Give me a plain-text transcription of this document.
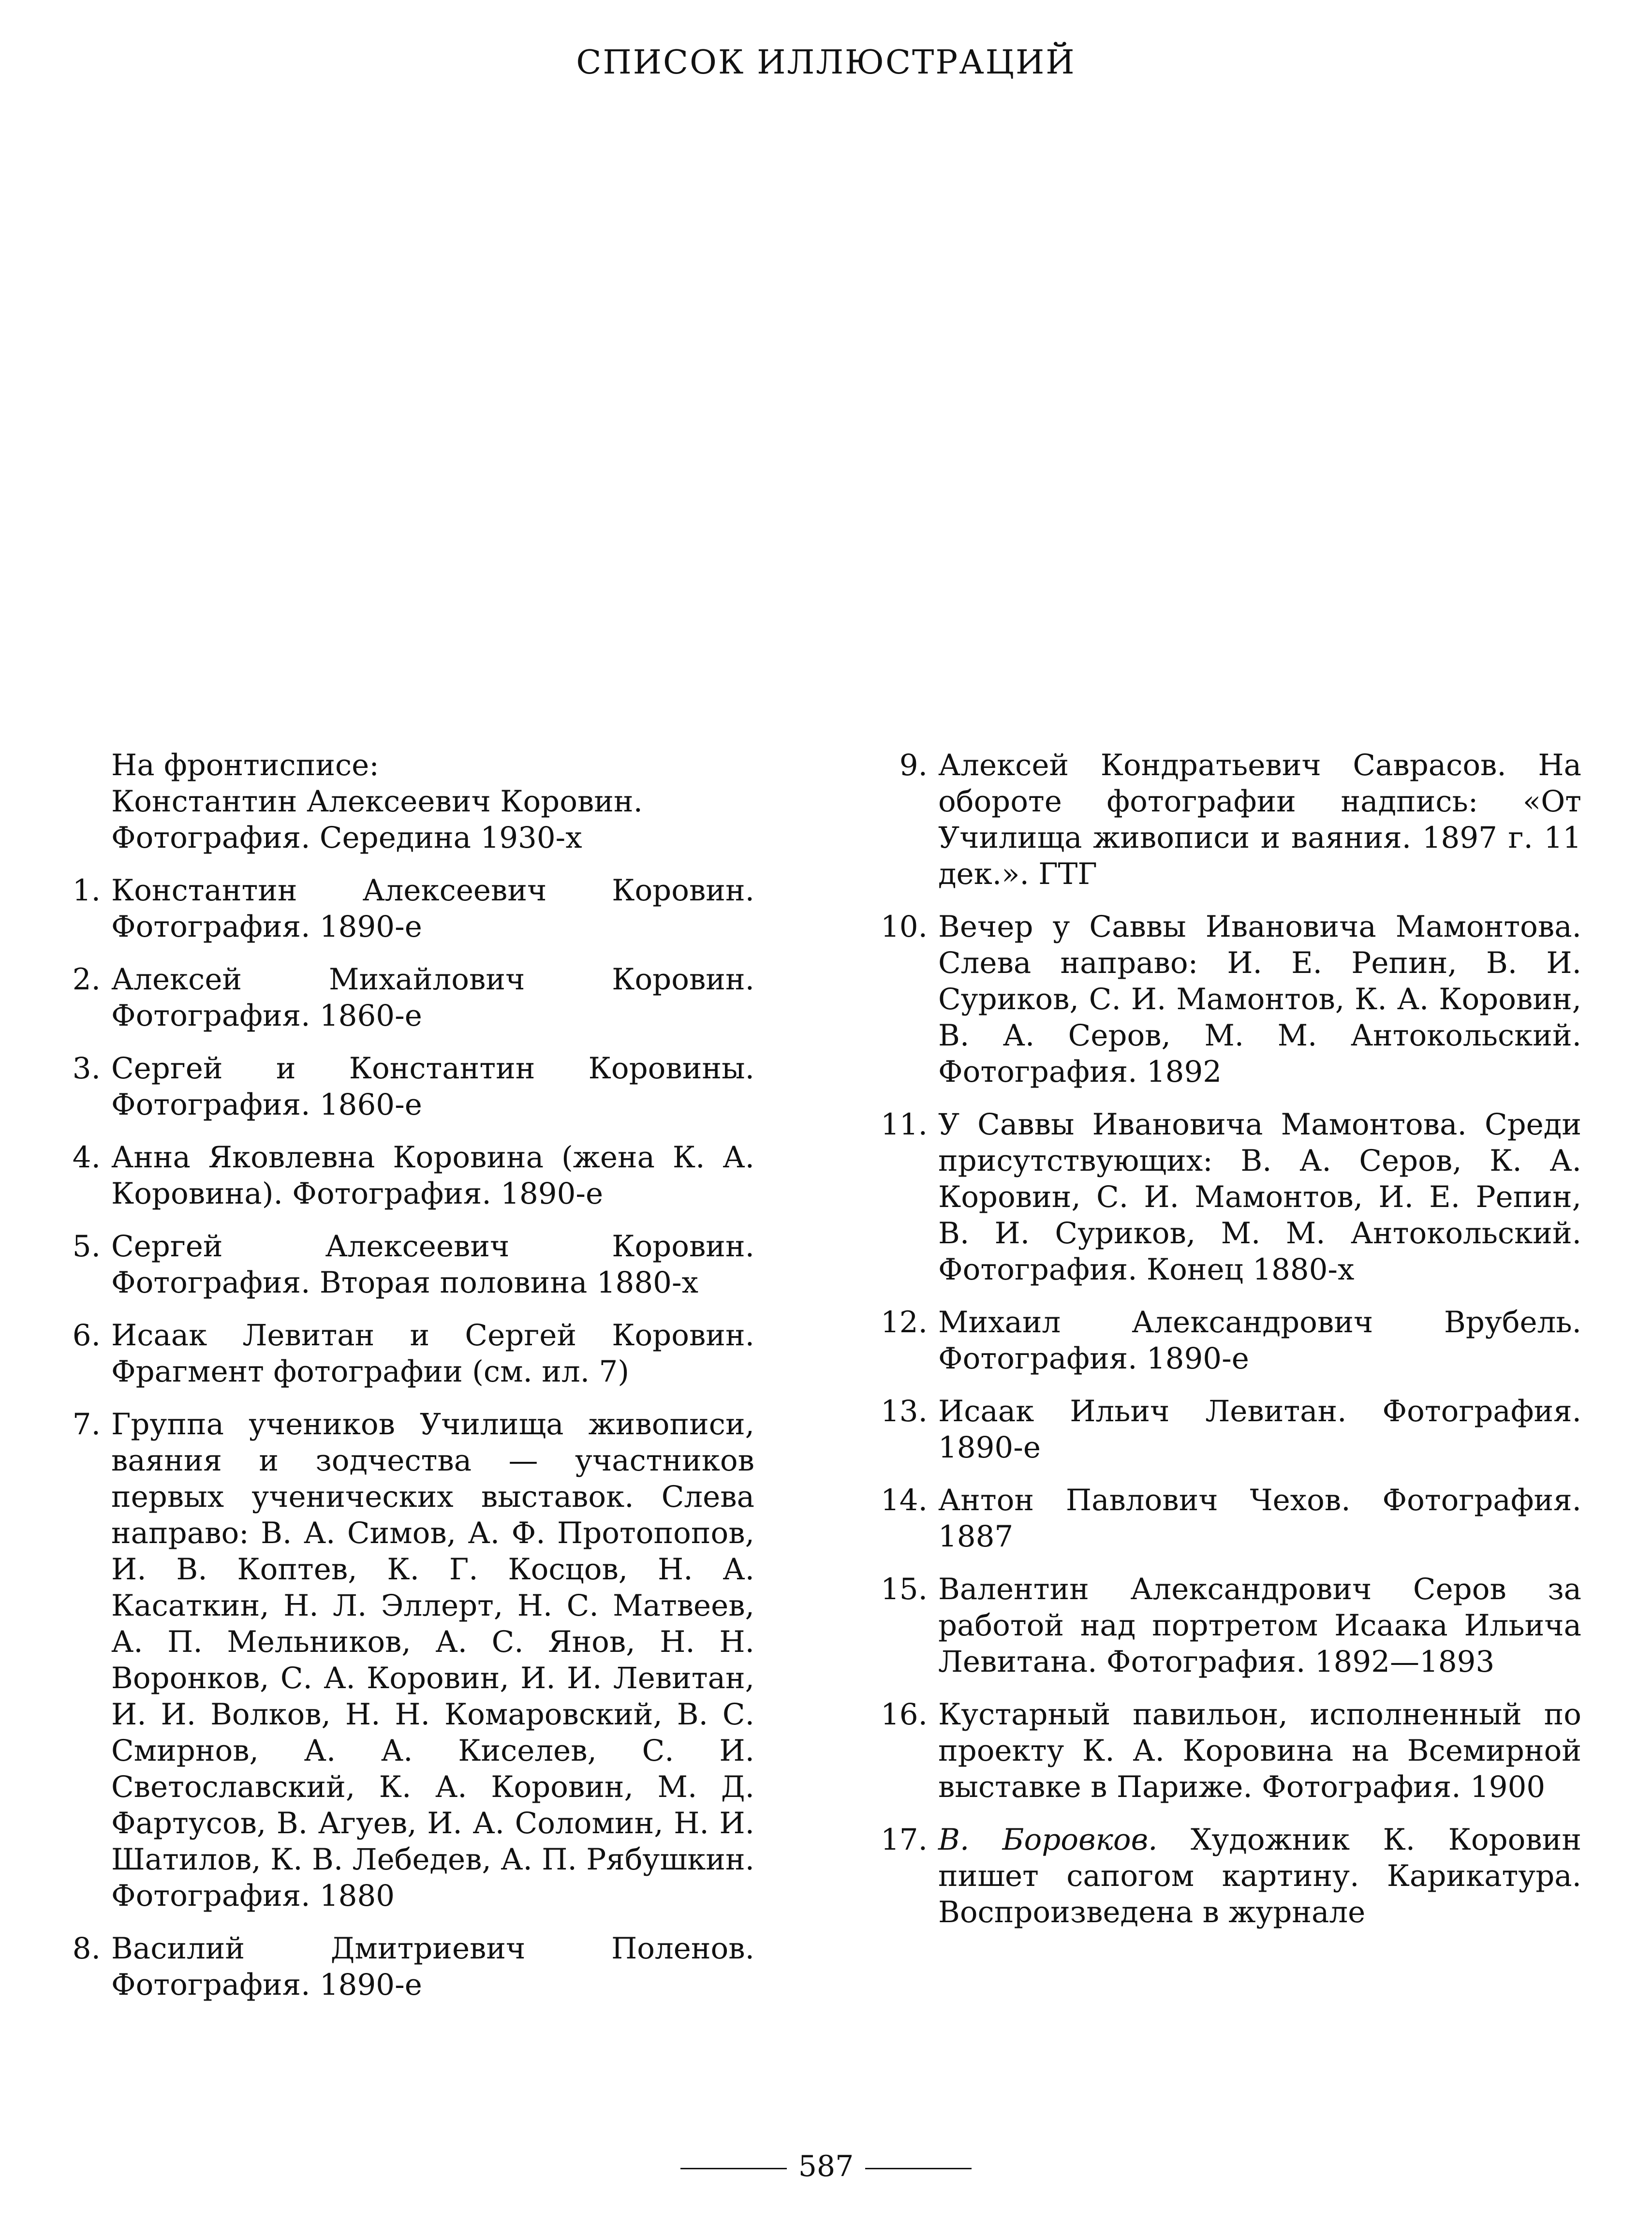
СПИСОК ИЛЛЮСТРАЦИЙ
На фронтисписе:
Константин Алексеевич Коровин.
Фотография. Середина 1930-х
1. Константин Алексеевич Коровин. Фотография. 1890-е
2. Алексей Михайлович Коровин. Фотография. 1860-е
3. Сергей и Константин Коровины. Фотография. 1860-е
4. Анна Яковлевна Коровина (жена К. А. Коровина). Фотография. 1890-е
5. Сергей Алексеевич Коровин. Фотография. Вторая половина 1880-х
6. Исаак Левитан и Сергей Коровин. Фрагмент фотографии (см. ил. 7)
7. Группа учеников Училища живописи, ваяния и зодчества — участников первых ученических выставок. Слева направо: В. А. Симов, А. Ф. Протопопов, И. В. Коптев, К. Г. Косцов, Н. А. Касаткин, Н. Л. Эллерт, Н. С. Матвеев, А. П. Мельников, А. С. Янов, Н. Н. Воронков, С. А. Коровин, И. И. Левитан, И. И. Волков, Н. Н. Комаровский, В. С. Смирнов, А. А. Киселев, С. И. Светославский, К. А. Коровин, М. Д. Фартусов, В. Агуев, И. А. Соломин, Н. И. Шатилов, К. В. Лебедев, А. П. Рябушкин. Фотография. 1880
8. Василий Дмитриевич Поленов. Фотография. 1890-е
9. Алексей Кондратьевич Саврасов. На обороте фотографии надпись: «От Училища живописи и ваяния. 1897 г. 11 дек.». ГТГ
10. Вечер у Саввы Ивановича Мамонтова. Слева направо: И. Е. Репин, В. И. Суриков, С. И. Мамонтов, К. А. Коровин, В. А. Серов, М. М. Антокольский. Фотография. 1892
11. У Саввы Ивановича Мамонтова. Среди присутствующих: В. А. Серов, К. А. Коровин, С. И. Мамонтов, И. Е. Репин, В. И. Суриков, М. М. Антокольский. Фотография. Конец 1880-х
12. Михаил Александрович Врубель. Фотография. 1890-е
13. Исаак Ильич Левитан. Фотография. 1890-е
14. Антон Павлович Чехов. Фотография. 1887
15. Валентин Александрович Серов за работой над портретом Исаака Ильича Левитана. Фотография. 1892—1893
16. Кустарный павильон, исполненный по проекту К. А. Коровина на Всемирной выставке в Париже. Фотография. 1900
17. В. Боровков. Художник К. Коровин пишет сапогом картину. Карикатура. Воспроизведена в журнале
587
